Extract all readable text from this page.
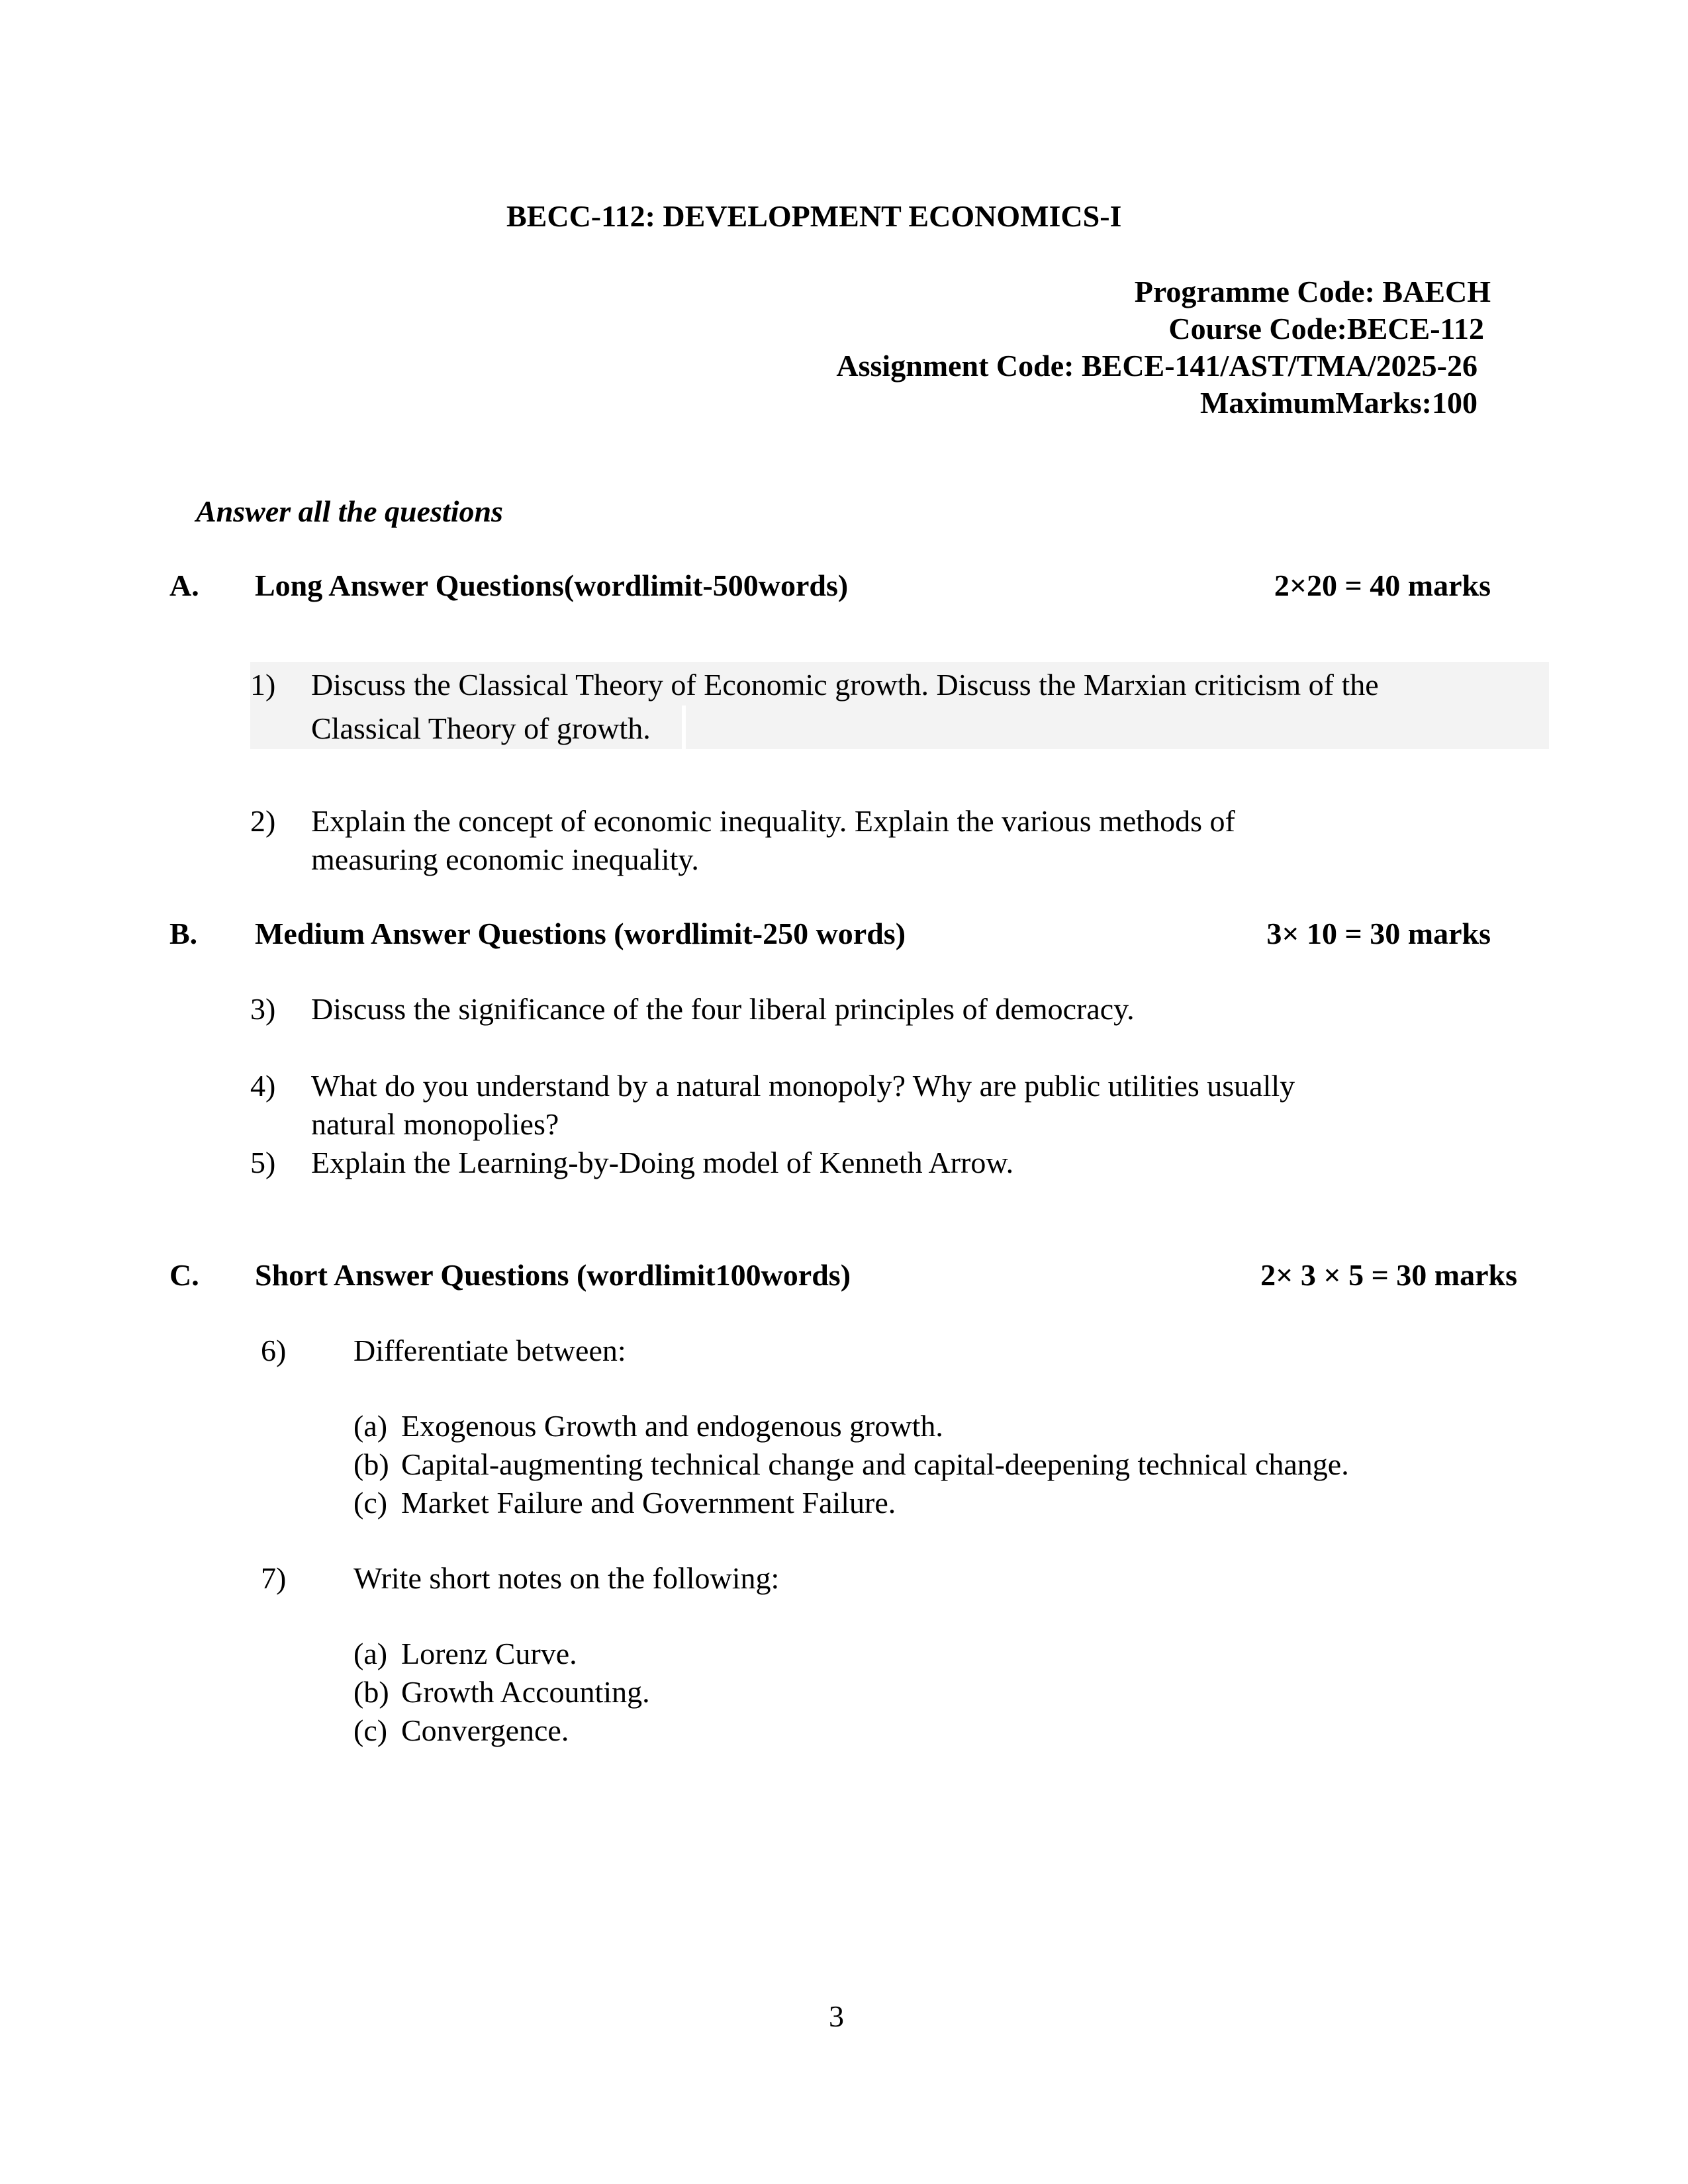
BECC-112: DEVELOPMENT ECONOMICS-I
Programme Code: BAECH
Course Code:BECE-112
Assignment Code: BECE-141/AST/TMA/2025-26
MaximumMarks:100
Answer all the questions
A. Long Answer Questions(wordlimit-500words)	2×20 = 40 marks
1) Discuss the Classical Theory of Economic growth. Discuss the Marxian criticism of the
Classical Theory of growth.
2) Explain the concept of economic inequality. Explain the various methods of
measuring economic inequality.
B. Medium Answer Questions (wordlimit-250 words)	3× 10 = 30 marks
3) Discuss the significance of the four liberal principles of democracy.
4) What do you understand by a natural monopoly? Why are public utilities usually
natural monopolies?
5) Explain the Learning-by-Doing model of Kenneth Arrow.
C. Short Answer Questions (wordlimit100words)	2× 3 × 5 = 30 marks
6) Differentiate between:
(a) Exogenous Growth and endogenous growth.
(b) Capital-augmenting technical change and capital-deepening technical change.
(c) Market Failure and Government Failure.
7) Write short notes on the following:
(a) Lorenz Curve.
(b) Growth Accounting.
(c) Convergence.
3
